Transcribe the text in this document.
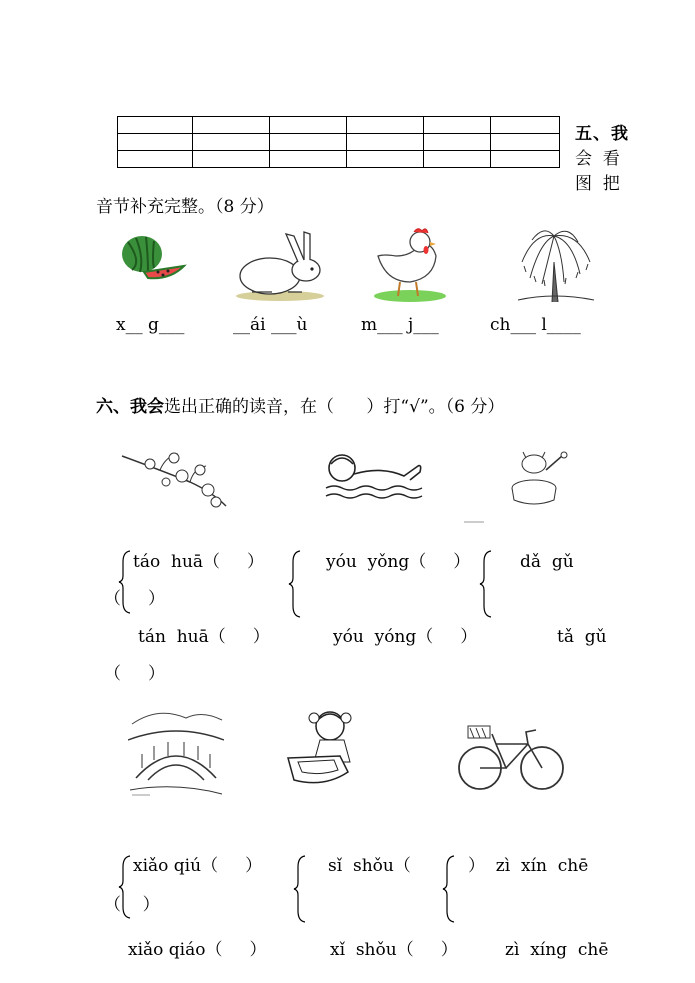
五、我
会  看
图  把
音节补充完整。（8 分）
x__ g___	__ái ___ù	m___ j___	ch___ l____
六、我会选出正确的读音，在（      ）打“√”。（6 分）
táo  huā（     ）	yóu  yǒng（     ）	dǎ  gǔ
（     ）
tán  huā（     ）	yóu  yóng（     ）	tǎ  gǔ
（     ）
xiǎo qiú（     ）	sǐ  shǒu（	）  zì  xín  chē
（    ）
xiǎo qiáo（     ）	xǐ  shǒu（     ）	zì  xíng  chē
